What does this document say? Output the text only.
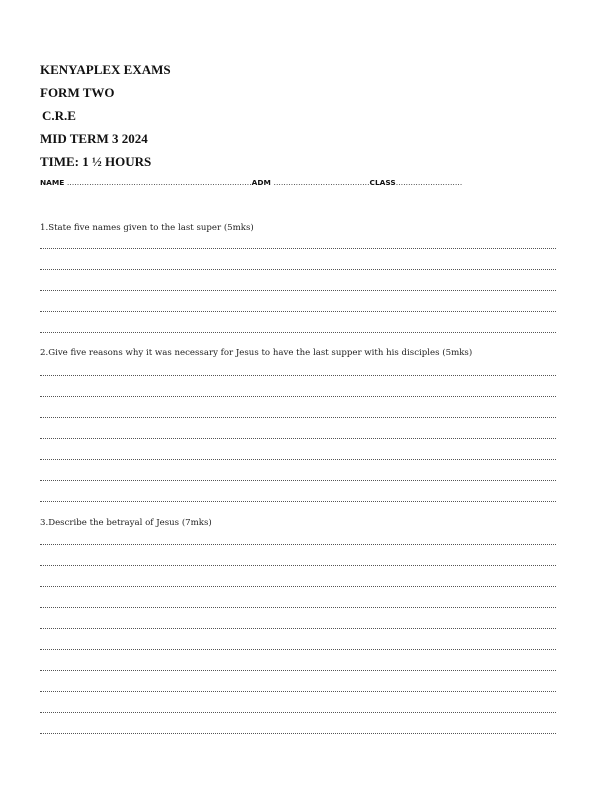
KENYAPLEX EXAMS
FORM TWO
C.R.E
MID TERM 3 2024
TIME: 1 ½ HOURS
NAME …………………………………………………………………ADM …………………………………CLASS………………………
1.State five names given to the last super (5mks)
2.Give five reasons why it was necessary for Jesus to have the last supper with his disciples (5mks)
3.Describe the betrayal of Jesus (7mks)
